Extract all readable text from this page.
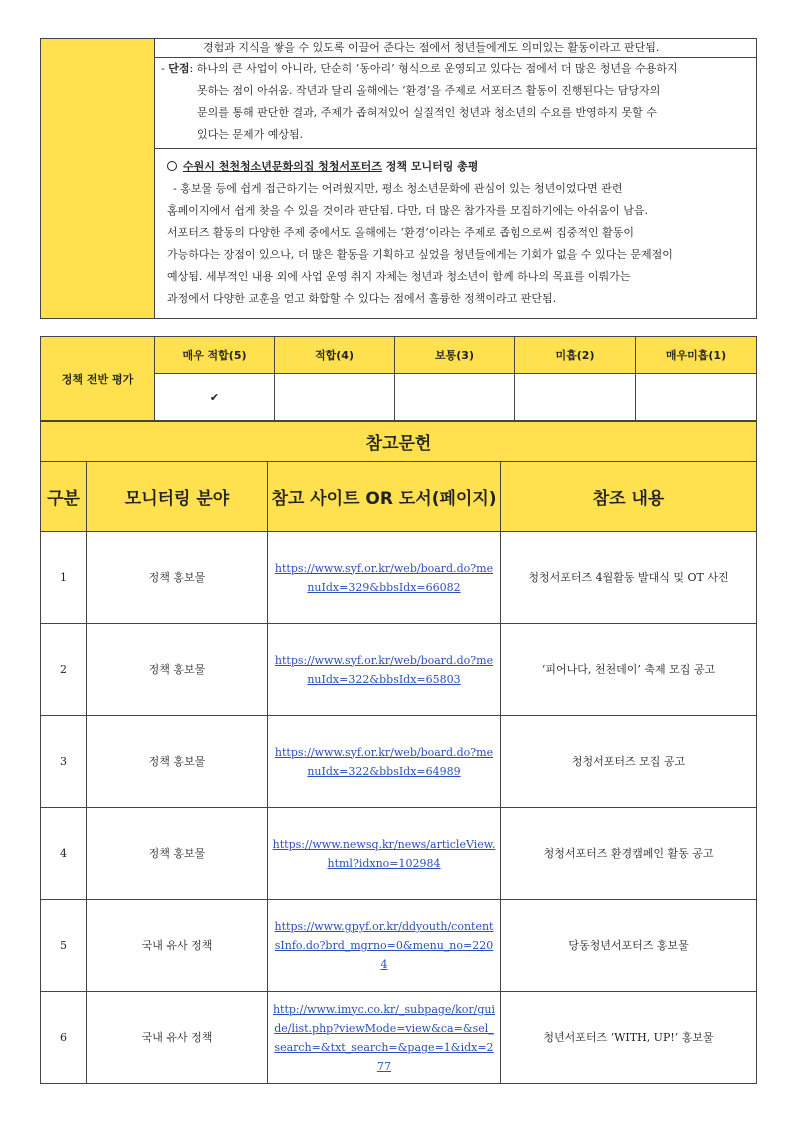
경험과 지식을 쌓을 수 있도록 이끌어 준다는 점에서 청년들에게도 의미있는 활동이라고 판단됨.
- 단점: 하나의 큰 사업이 아니라, 단순히 ‘동아리’ 형식으로 운영되고 있다는 점에서 더 많은 청년을 수용하지
못하는 점이 아쉬움. 작년과 달리 올해에는 ‘환경’을 주제로 서포터즈 활동이 진행된다는 담당자의
문의를 통해 판단한 결과, 주제가 좁혀져있어 실질적인 청년과 청소년의 수요를 반영하지 못할 수
있다는 문제가 예상됨.
수원시 천천청소년문화의집 청청서포터즈 정책 모니터링 총평
- 홍보물 등에 쉽게 접근하기는 어려웠지만, 평소 청소년문화에 관심이 있는 청년이었다면 관련
홈페이지에서 쉽게 찾을 수 있을 것이라 판단됨. 다만, 더 많은 참가자를 모집하기에는 아쉬움이 남음.
서포터즈 활동의 다양한 주제 중에서도 올해에는 ‘환경’이라는 주제로 좁힘으로써 집중적인 활동이
가능하다는 장점이 있으나, 더 많은 활동을 기획하고 싶었을 청년들에게는 기회가 없을 수 있다는 문제점이
예상됨. 세부적인 내용 외에 사업 운영 취지 자체는 청년과 청소년이 함께 하나의 목표를 이뤄가는
과정에서 다양한 교훈을 얻고 화합할 수 있다는 점에서 훌륭한 정책이라고 판단됨.
정책 전반 평가	매우 적합(5)	적합(4)	보통(3)	미흡(2)	매우미흡(1)
	✔				
참고문헌			
구분	모니터링 분야	참고 사이트 OR 도서(페이지)	참조 내용
1	정책 홍보물	https://www.syf.or.kr/web/board.do?menuIdx=329&bbsIdx=66082	청청서포터즈 4월활동 발대식 및 OT 사진
2	정책 홍보물	https://www.syf.or.kr/web/board.do?menuIdx=322&bbsIdx=65803	‘피어나다, 천천데이’ 축제 모집 공고
3	정책 홍보물	https://www.syf.or.kr/web/board.do?menuIdx=322&bbsIdx=64989	청청서포터즈 모집 공고
4	정책 홍보물	https://www.newsq.kr/news/articleView.html?idxno=102984	청청서포터즈 환경캠페인 활동 공고
5	국내 유사 정책	https://www.gpyf.or.kr/ddyouth/contentsInfo.do?brd_mgrno=0&menu_no=2204	당동청년서포터즈 홍보물
6	국내 유사 정책	http://www.imyc.co.kr/_subpage/kor/guide/list.php?viewMode=view&ca=&sel_search=&txt_search=&page=1&idx=277	청년서포터즈 ‘WITH, UP!’ 홍보물
